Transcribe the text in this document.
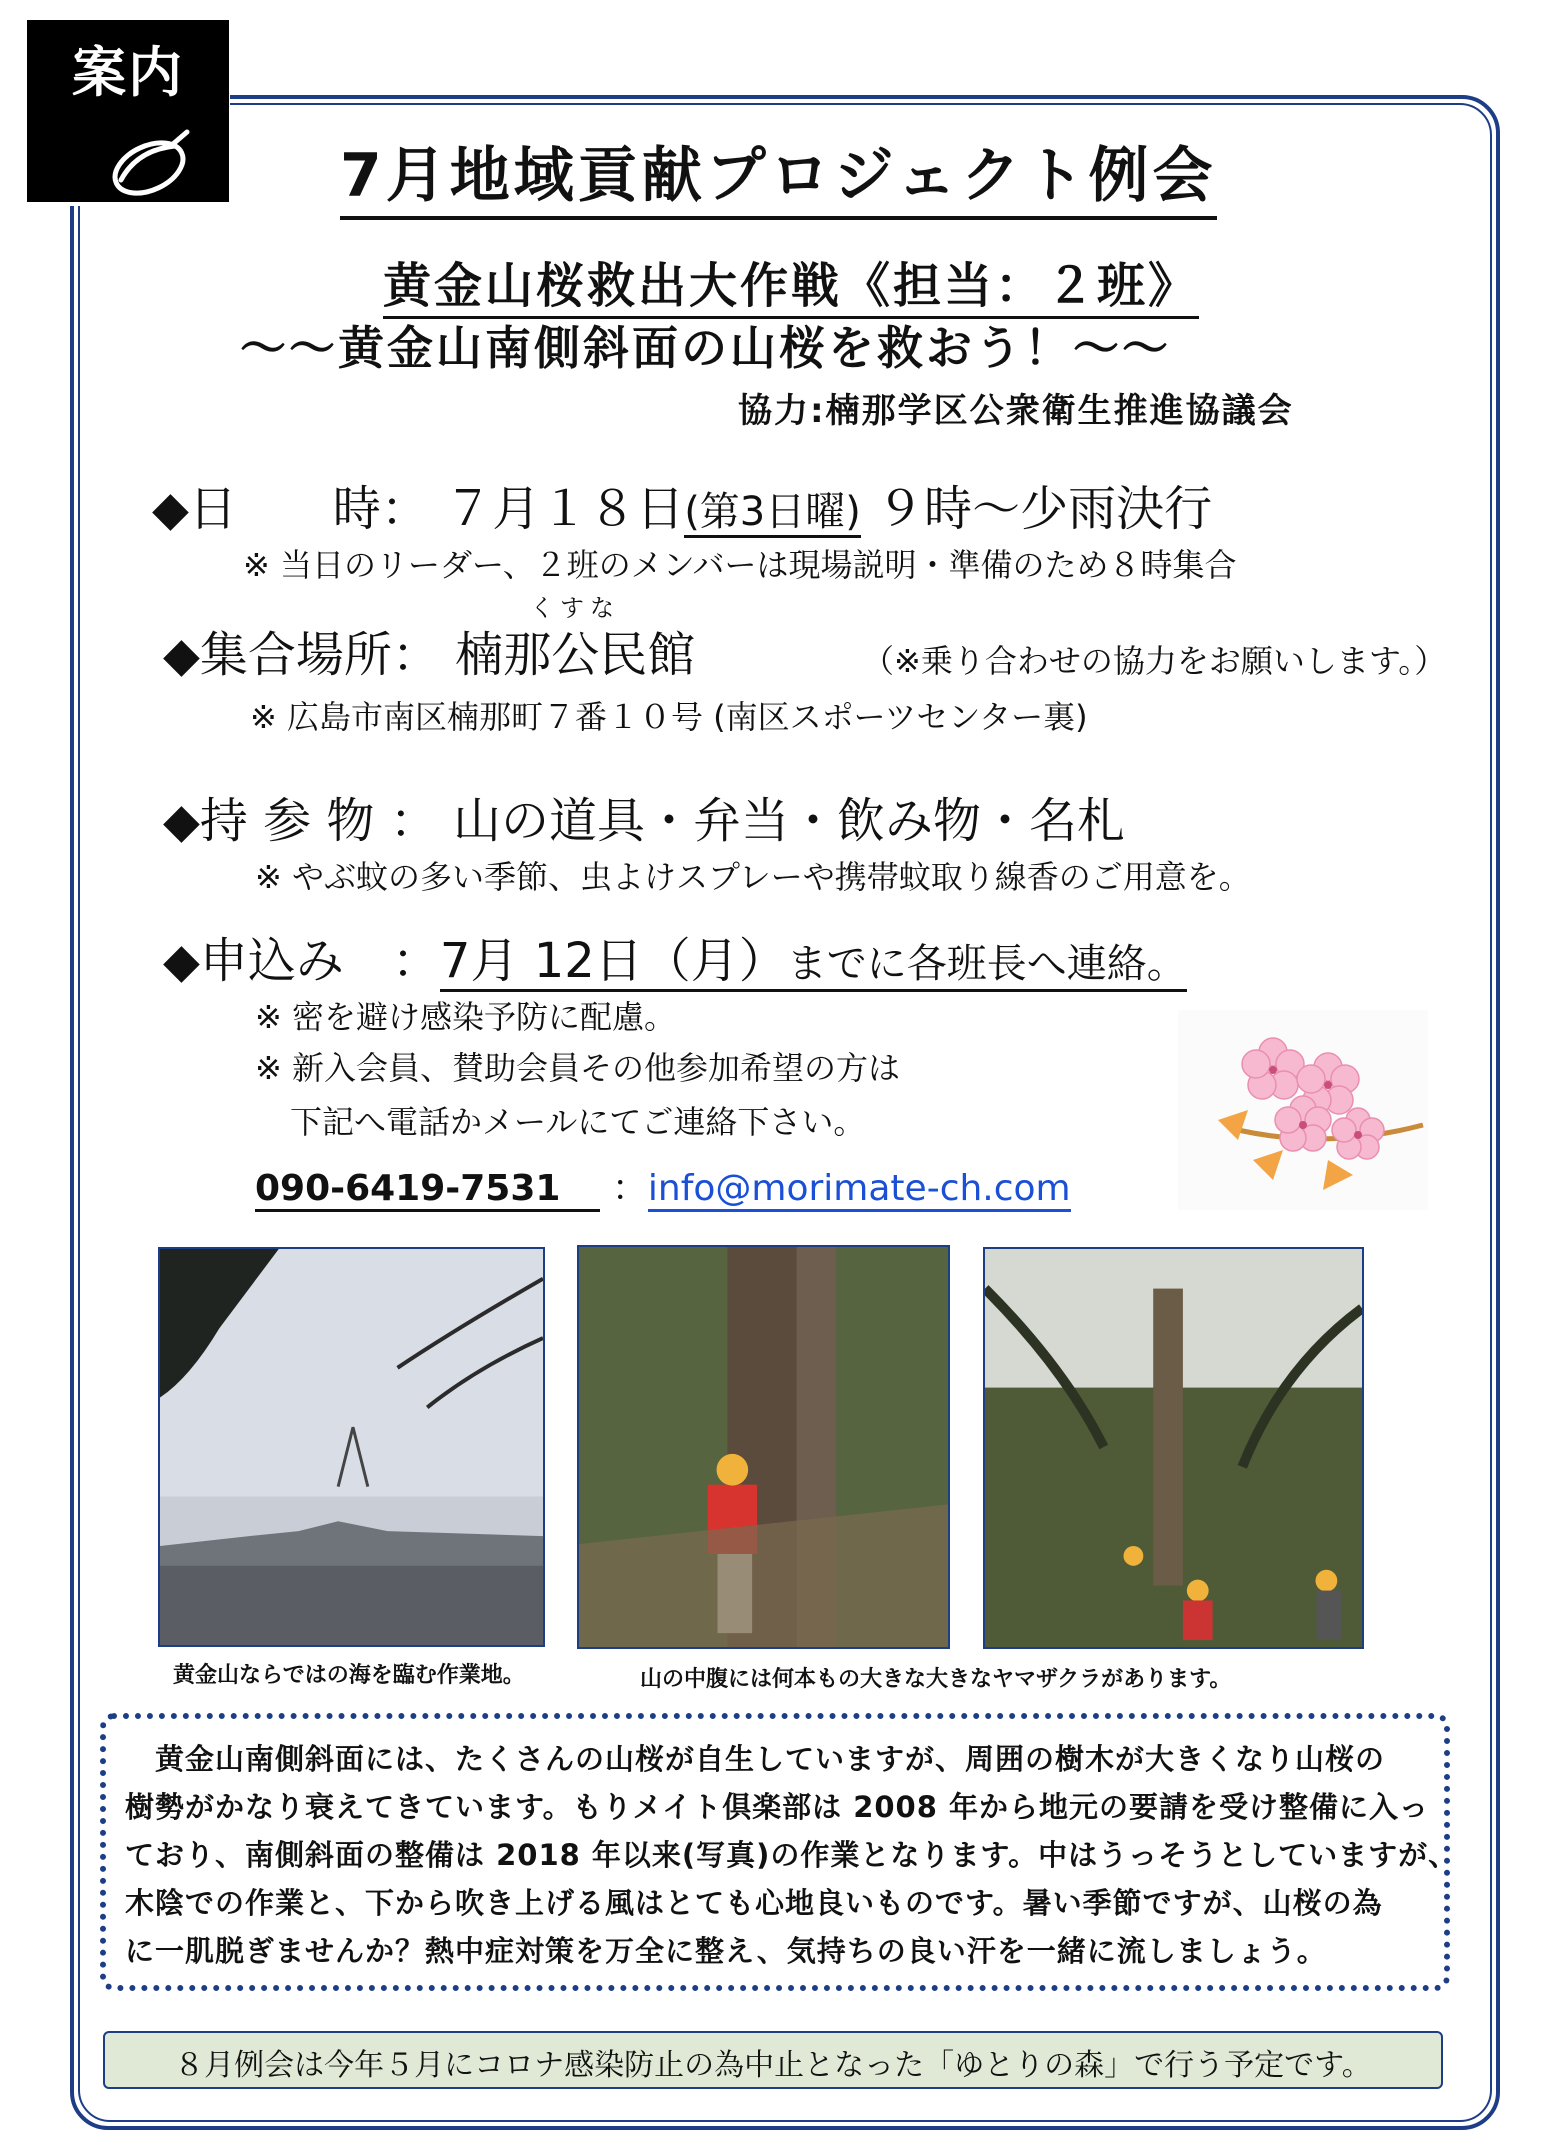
案内
7月地域貢献プロジェクト例会
黄金山桜救出大作戦《担当：２班》
～～黄金山南側斜面の山桜を救おう！～～
協力:楠那学区公衆衛生推進協議会
◆日　　時： ７月１８日(第3日曜) ９時～少雨決行
※ 当日のリーダー、２班のメンバーは現場説明・準備のため８時集合
くすな
◆集合場所： 楠那公民館	（※乗り合わせの協力をお願いします。）
※ 広島市南区楠那町７番１０号 (南区スポーツセンター裏)
◆持 参 物 ： 山の道具・弁当・飲み物・名札
※ やぶ蚊の多い季節、虫よけスプレーや携帯蚊取り線香のご用意を。
◆申込み　：7月 12日（月）までに各班長へ連絡。
※ 密を避け感染予防に配慮。
※ 新入会員、賛助会員その他参加希望の方は
下記へ電話かメールにてご連絡下さい。
090-6419-7531 ：info@morimate-ch.com
黄金山ならではの海を臨む作業地。	山の中腹には何本もの大きな大きなヤマザクラがあります。

　黄金山南側斜面には、たくさんの山桜が自生していますが、周囲の樹木が大きくなり山桜の

樹勢がかなり衰えてきています。もりメイト倶楽部は 2008 年から地元の要請を受け整備に入っ

ており、南側斜面の整備は 2018 年以来(写真)の作業となります。中はうっそうとしていますが、

木陰での作業と、下から吹き上げる風はとても心地良いものです。暑い季節ですが、山桜の為

に一肌脱ぎませんか？熱中症対策を万全に整え、気持ちの良い汗を一緒に流しましょう。

８月例会は今年５月にコロナ感染防止の為中止となった「ゆとりの森」で行う予定です。
